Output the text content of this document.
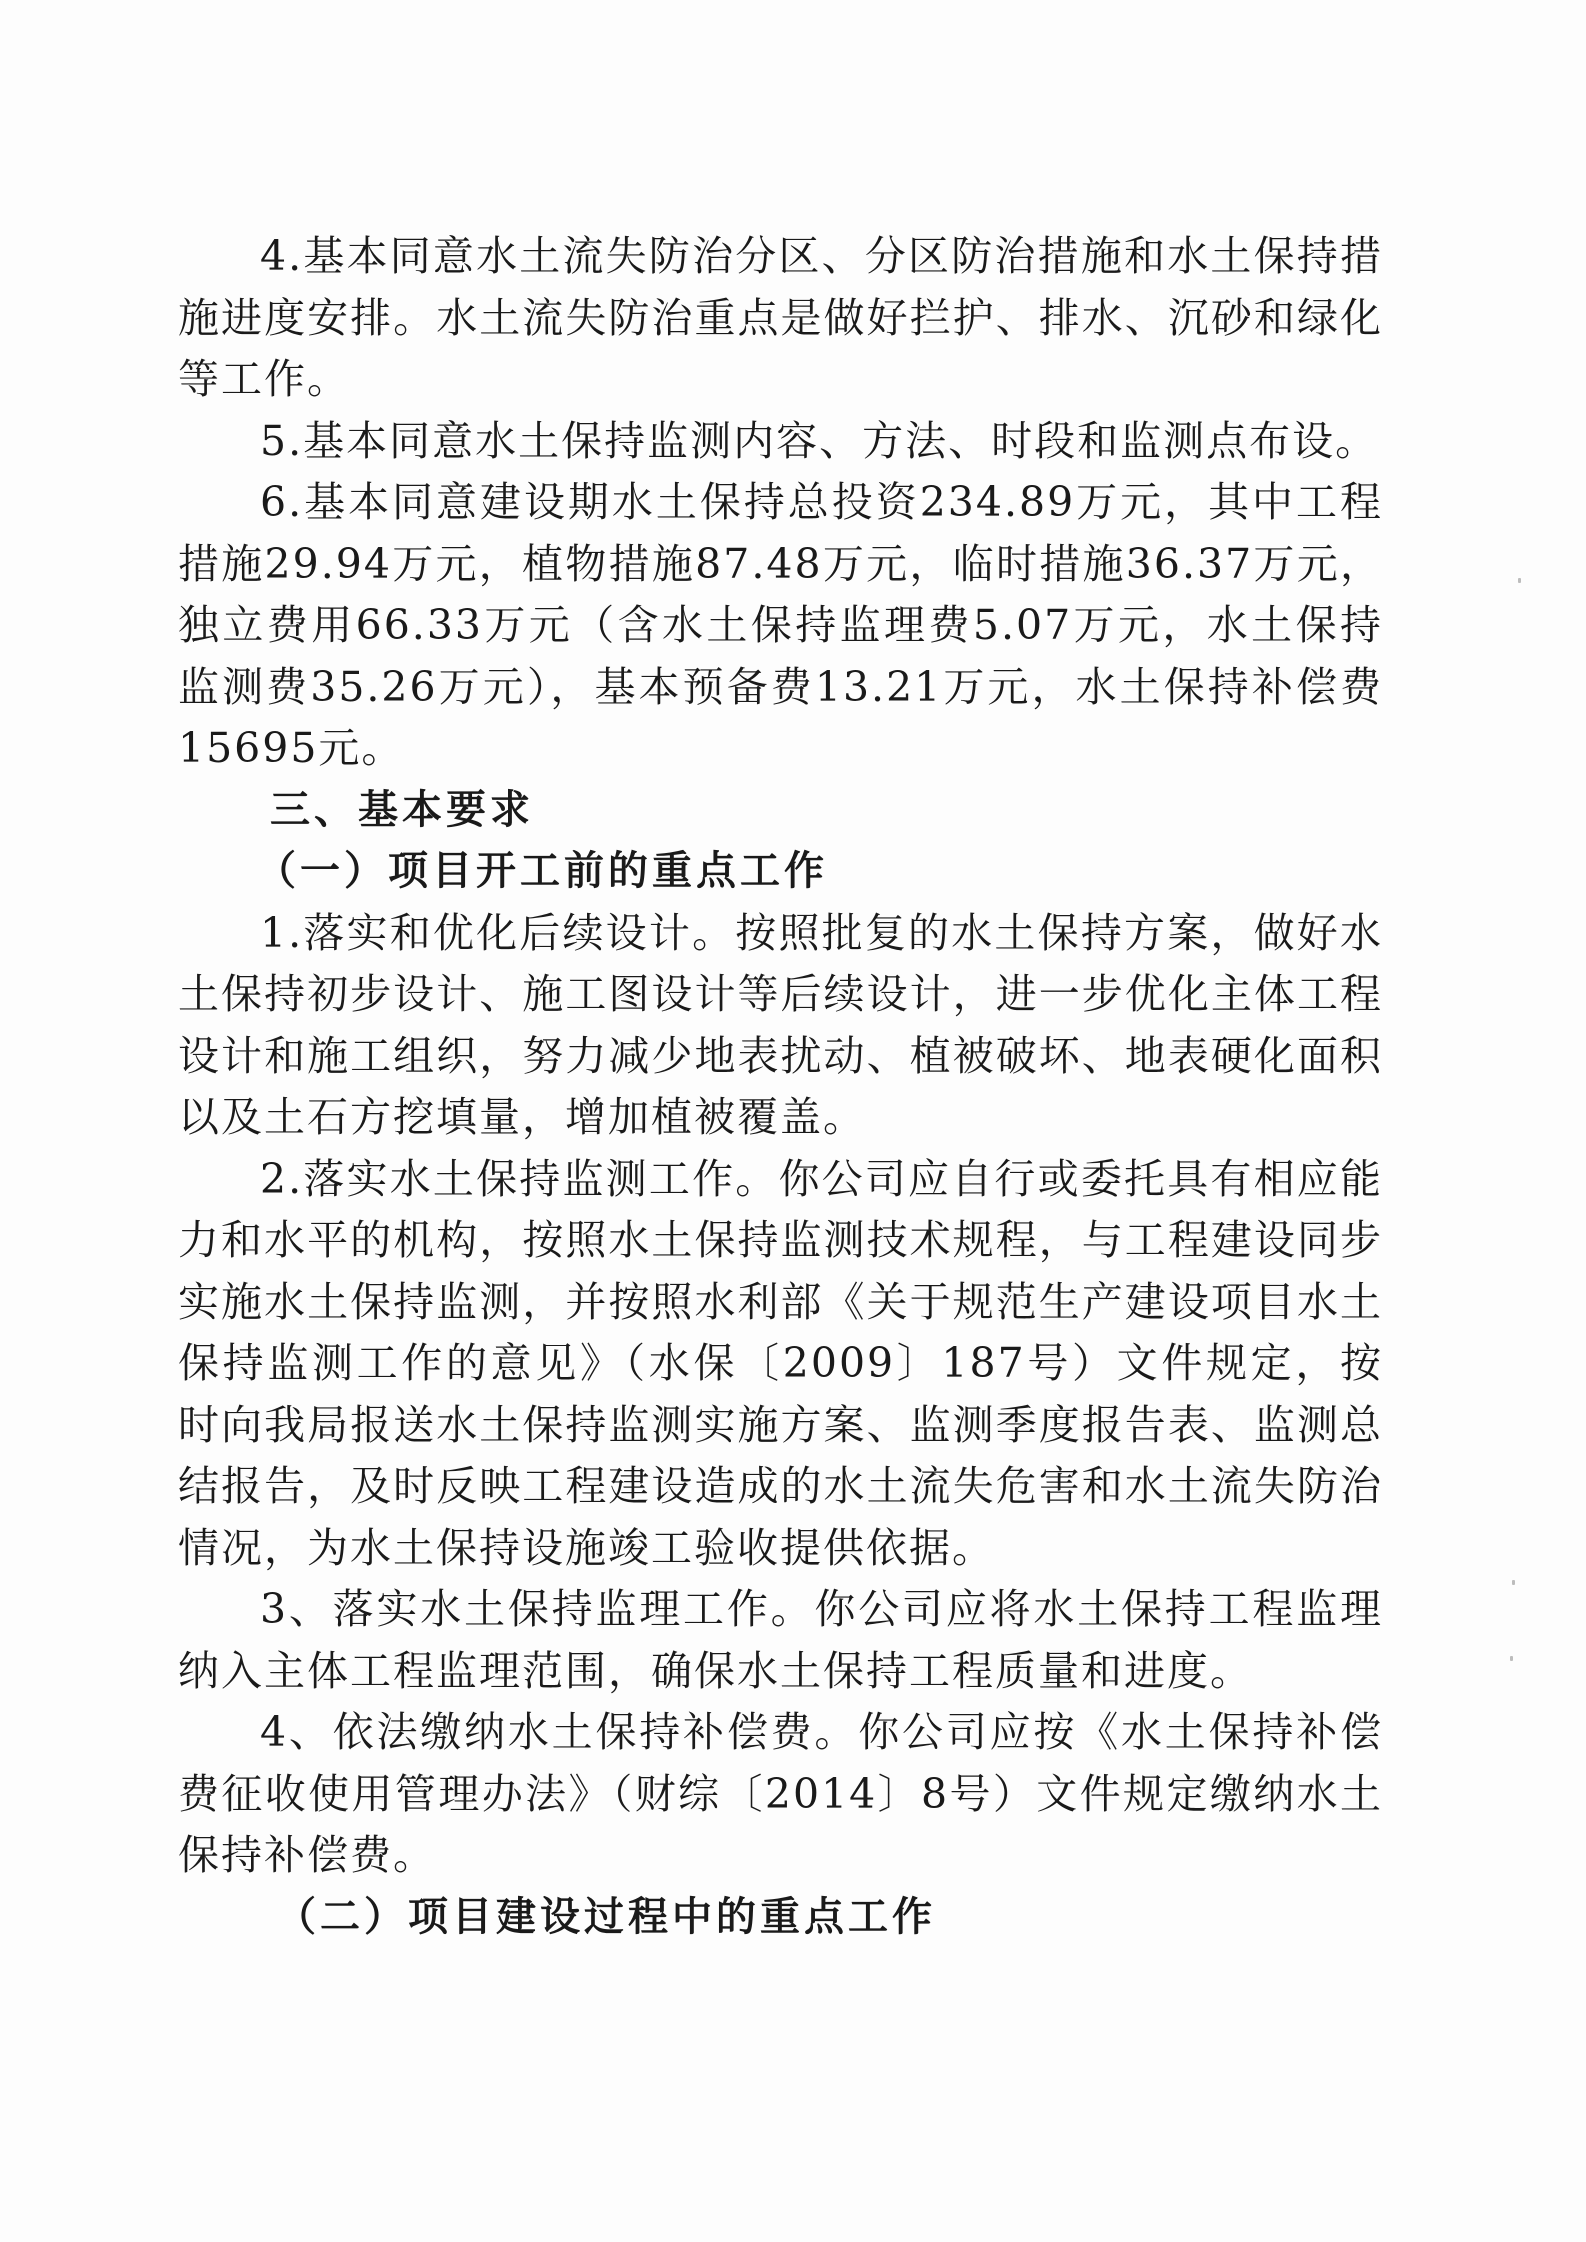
4.基本同意水土流失防治分区、分区防治措施和水土保持措施进度安排。水土流失防治重点是做好拦护、排水、沉砂和绿化等工作。

5.基本同意水土保持监测内容、方法、时段和监测点布设。

6.基本同意建设期水土保持总投资234.89万元，其中工程措施29.94万元，植物措施87.48万元，临时措施36.37万元，独立费用66.33万元（含水土保持监理费5.07万元，水土保持监测费35.26万元），基本预备费13.21万元，水土保持补偿费15695元。

三、基本要求

（一）项目开工前的重点工作

1.落实和优化后续设计。按照批复的水土保持方案，做好水土保持初步设计、施工图设计等后续设计，进一步优化主体工程设计和施工组织，努力减少地表扰动、植被破坏、地表硬化面积以及土石方挖填量，增加植被覆盖。

2.落实水土保持监测工作。你公司应自行或委托具有相应能力和水平的机构，按照水土保持监测技术规程，与工程建设同步实施水土保持监测，并按照水利部《关于规范生产建设项目水土保持监测工作的意见》（水保〔2009〕187号）文件规定，按时向我局报送水土保持监测实施方案、监测季度报告表、监测总结报告，及时反映工程建设造成的水土流失危害和水土流失防治情况，为水土保持设施竣工验收提供依据。

3、落实水土保持监理工作。你公司应将水土保持工程监理纳入主体工程监理范围，确保水土保持工程质量和进度。

4、依法缴纳水土保持补偿费。你公司应按《水土保持补偿费征收使用管理办法》（财综〔2014〕8号）文件规定缴纳水土保持补偿费。

（二）项目建设过程中的重点工作
